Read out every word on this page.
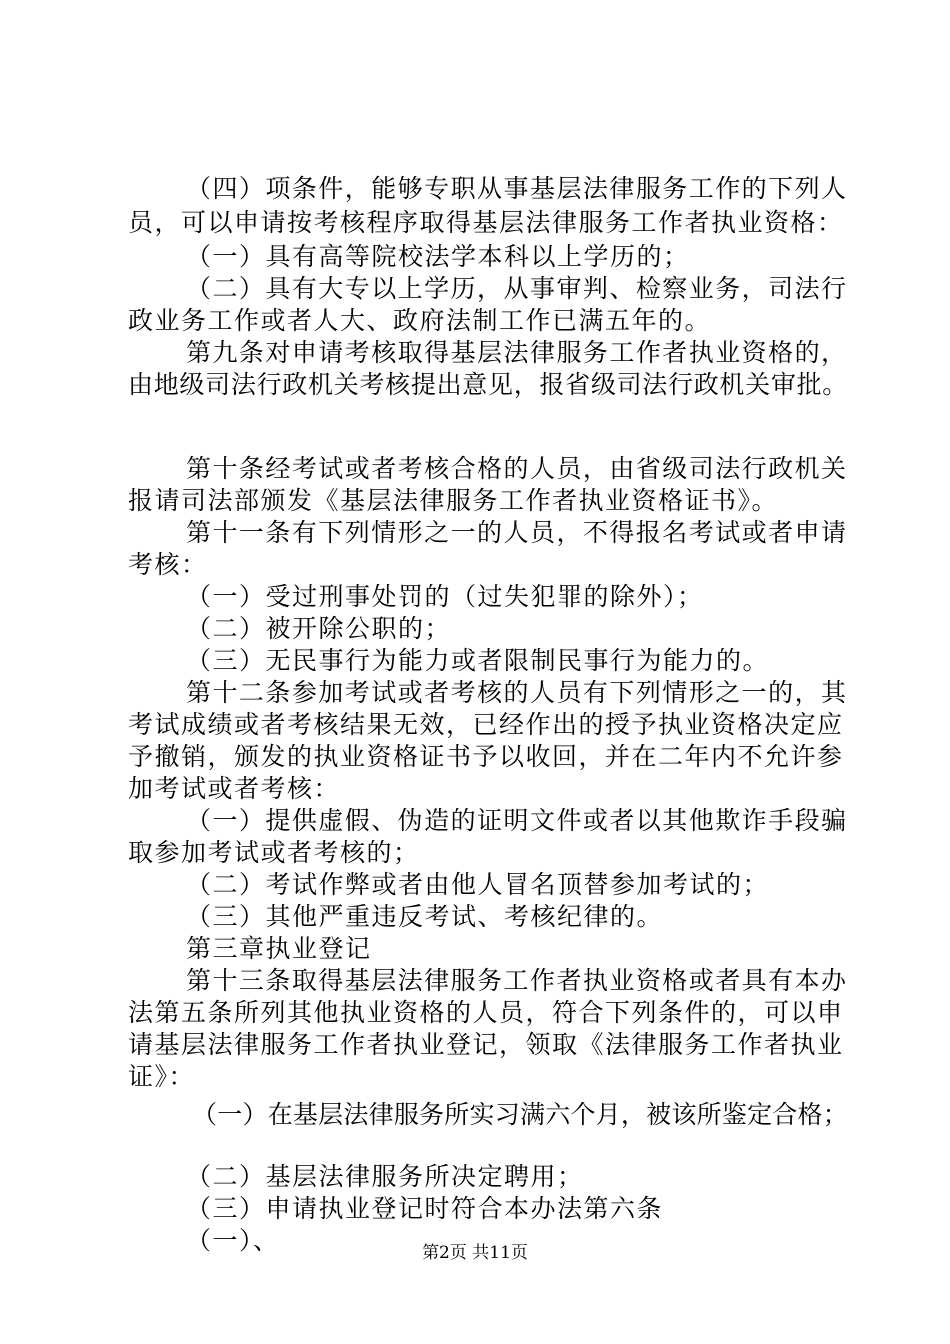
（四）项条件，能够专职从事基层法律服务工作的下列人
员，可以申请按考核程序取得基层法律服务工作者执业资格：
（一）具有高等院校法学本科以上学历的；
（二）具有大专以上学历，从事审判、检察业务，司法行
政业务工作或者人大、政府法制工作已满五年的。
第九条对申请考核取得基层法律服务工作者执业资格的，
由地级司法行政机关考核提出意见，报省级司法行政机关审批。
第十条经考试或者考核合格的人员，由省级司法行政机关
报请司法部颁发《基层法律服务工作者执业资格证书》。
第十一条有下列情形之一的人员，不得报名考试或者申请
考核：
（一）受过刑事处罚的（过失犯罪的除外）；
（二）被开除公职的；
（三）无民事行为能力或者限制民事行为能力的。
第十二条参加考试或者考核的人员有下列情形之一的，其
考试成绩或者考核结果无效，已经作出的授予执业资格决定应
予撤销，颁发的执业资格证书予以收回，并在二年内不允许参
加考试或者考核：
（一）提供虚假、伪造的证明文件或者以其他欺诈手段骗
取参加考试或者考核的；
（二）考试作弊或者由他人冒名顶替参加考试的；
（三）其他严重违反考试、考核纪律的。
第三章执业登记
第十三条取得基层法律服务工作者执业资格或者具有本办
法第五条所列其他执业资格的人员，符合下列条件的，可以申
请基层法律服务工作者执业登记，领取《法律服务工作者执业
证》：
（一）在基层法律服务所实习满六个月，被该所鉴定合格；
（二）基层法律服务所决定聘用；
（三）申请执业登记时符合本办法第六条
（一）、	第2页 共11页
